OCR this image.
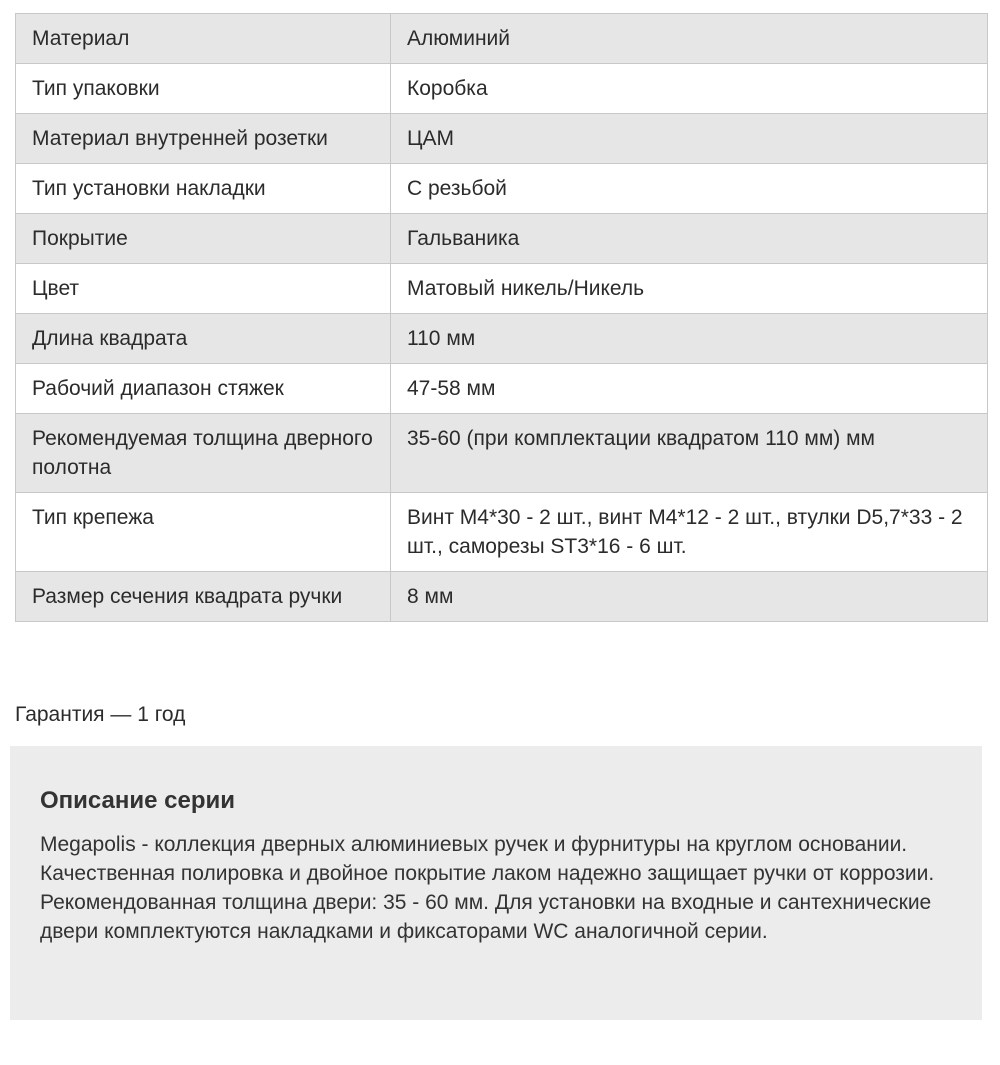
Материал	Алюминий
Тип упаковки	Коробка
Материал внутренней розетки	ЦАМ
Тип установки накладки	С резьбой
Покрытие	Гальваника
Цвет	Матовый никель/Никель
Длина квадрата	110 мм
Рабочий диапазон стяжек	47-58 мм
Рекомендуемая толщина дверного полотна	35-60 (при комплектации квадратом 110 мм) мм
Тип крепежа	Винт М4*30 - 2 шт., винт М4*12 - 2 шт., втулки D5,7*33 - 2 шт., саморезы ST3*16 - 6 шт.
Размер сечения квадрата ручки	8 мм
Гарантия — 1 год
Описание серии

Megapolis - коллекция дверных алюминиевых ручек и фурнитуры на круглом основании. Качественная полировка и двойное покрытие лаком надежно защищает ручки от коррозии. Рекомендованная толщина двери: 35 - 60 мм. Для установки на входные и сантехнические двери комплектуются накладками и фиксаторами WC аналогичной серии.
